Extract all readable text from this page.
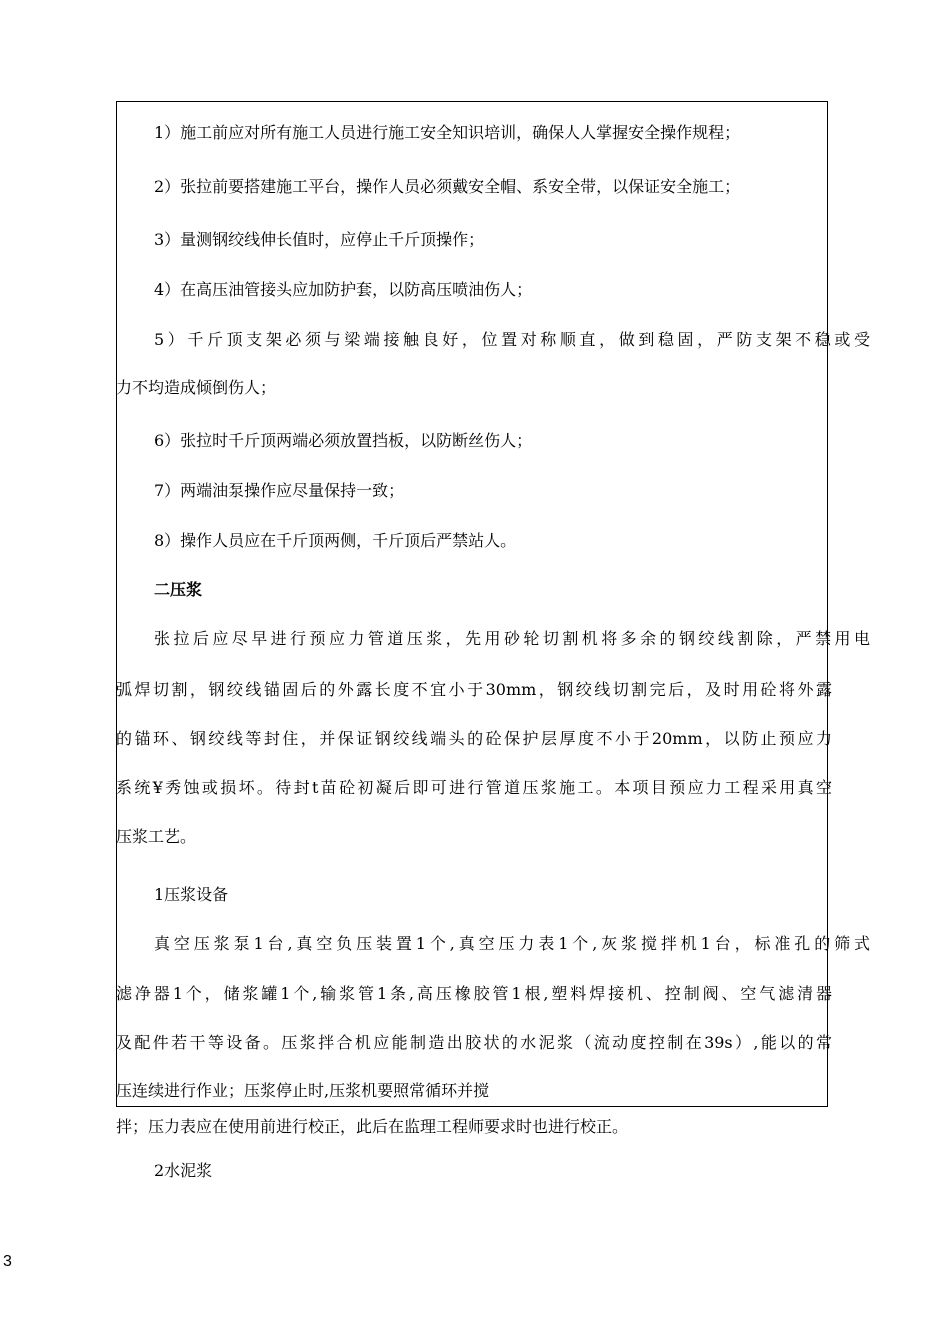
1）施工前应对所有施工人员进行施工安全知识培训，确保人人掌握安全操作规程；
2）张拉前要搭建施工平台，操作人员必须戴安全帽、系安全带，以保证安全施工；
3）量测钢绞线伸长值时，应停止千斤顶操作；
4）在高压油管接头应加防护套，以防高压喷油伤人；
5）千斤顶支架必须与梁端接触良好，位置对称顺直，做到稳固，严防支架不稳或受
力不均造成倾倒伤人；
6）张拉时千斤顶两端必须放置挡板，以防断丝伤人；
7）两端油泵操作应尽量保持一致；
8）操作人员应在千斤顶两侧，千斤顶后严禁站人。
二压浆
张拉后应尽早进行预应力管道压浆，先用砂轮切割机将多余的钢绞线割除，严禁用电
弧焊切割，钢绞线锚固后的外露长度不宜小于30mm，钢绞线切割完后，及时用砼将外露
的锚环、钢绞线等封住，并保证钢绞线端头的砼保护层厚度不小于20mm，以防止预应力
系统¥秀蚀或损坏。待封t苗砼初凝后即可进行管道压浆施工。本项目预应力工程采用真空
压浆工艺。
1压浆设备
真空压浆泵1台,真空负压装置1个,真空压力表1个,灰浆搅拌机1台，标准孔的筛式
滤净器1个，储浆罐1个,输浆管1条,高压橡胶管1根,塑料焊接机、控制阀、空气滤清器
及配件若干等设备。压浆拌合机应能制造出胶状的水泥浆（流动度控制在39s）,能以的常
压连续进行作业；压浆停止时,压浆机要照常循环并搅
拌；压力表应在使用前进行校正，此后在监理工程师要求时也进行校正。
2水泥浆
3
